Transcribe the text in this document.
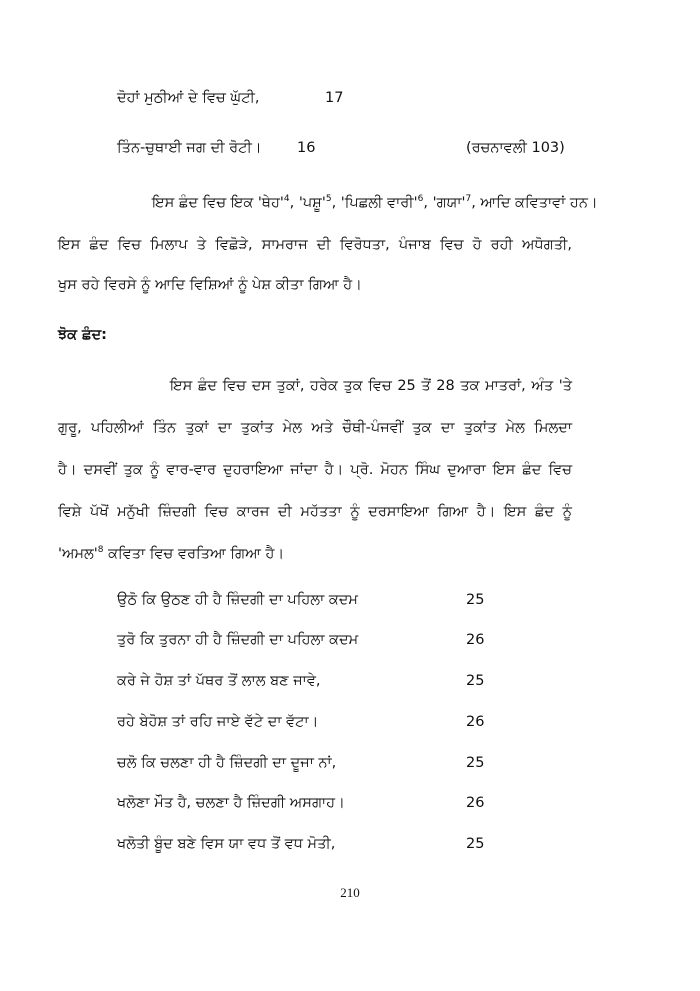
ਦੋਹਾਂ ਮੁਠੀਆਂ ਦੇ ਵਿਚ ਘੁੱਟੀ,	17
ਤਿੰਨ-ਚੁਥਾਈ ਜਗ ਦੀ ਰੋਟੀ। 16	(ਰਚਨਾਵਲੀ 103)
ਇਸ ਛੰਦ ਵਿਚ ਇਕ '$ਥੇਹ'^4$, '$ਪਸ਼ੂ'^5$, 'ਪਿਛਲੀ $ਵਾਰੀ'^6$, '$ਗਯਾ'^7$, ਆਦਿ ਕਵਿਤਾਵਾਂ ਹਨ।
ਇਸ ਛੰਦ ਵਿਚ ਮਿਲਾਪ ਤੇ ਵਿਛੋੜੇ, ਸਾਮਰਾਜ ਦੀ ਵਿਰੋਧਤਾ, ਪੰਜਾਬ ਵਿਚ ਹੋ ਰਹੀ ਅਧੋਗਤੀ,
ਖੁਸ ਰਹੇ ਵਿਰਸੇ ਨੂੰ ਆਦਿ ਵਿਸ਼ਿਆਂ ਨੂੰ ਪੇਸ਼ ਕੀਤਾ ਗਿਆ ਹੈ।
ਝੋਕ ਛੰਦ:
ਇਸ ਛੰਦ ਵਿਚ ਦਸ ਤੁਕਾਂ, ਹਰੇਕ ਤੁਕ ਵਿਚ 25 ਤੋਂ 28 ਤਕ ਮਾਤਰਾਂ, ਅੰਤ 'ਤੇ
ਗੁਰੂ, ਪਹਿਲੀਆਂ ਤਿੰਨ ਤੁਕਾਂ ਦਾ ਤੁਕਾਂਤ ਮੇਲ ਅਤੇ ਚੌਥੀ-ਪੰਜਵੀਂ ਤੁਕ ਦਾ ਤੁਕਾਂਤ ਮੇਲ ਮਿਲਦਾ
ਹੈ। ਦਸਵੀਂ ਤੁਕ ਨੂੰ ਵਾਰ-ਵਾਰ ਦੁਹਰਾਇਆ ਜਾਂਦਾ ਹੈ। ਪ੍ਰੋ. ਮੋਹਨ ਸਿੰਘ ਦੁਆਰਾ ਇਸ ਛੰਦ ਵਿਚ
ਵਿਸ਼ੇ ਪੱਖੋਂ ਮਨੁੱਖੀ ਜ਼ਿੰਦਗੀ ਵਿਚ ਕਾਰਜ ਦੀ ਮਹੱਤਤਾ ਨੂੰ ਦਰਸਾਇਆ ਗਿਆ ਹੈ। ਇਸ ਛੰਦ ਨੂੰ
'$ਅਮਲ'^8$ ਕਵਿਤਾ ਵਿਚ ਵਰਤਿਆ ਗਿਆ ਹੈ।
ਉਠੋ ਕਿ ਉਠਣ ਹੀ ਹੈ ਜ਼ਿੰਦਗੀ ਦਾ ਪਹਿਲਾ ਕਦਮ	25
ਤੁਰੋ ਕਿ ਤੁਰਨਾ ਹੀ ਹੈ ਜ਼ਿੰਦਗੀ ਦਾ ਪਹਿਲਾ ਕਦਮ	26
ਕਰੇ ਜੇ ਹੋਸ਼ ਤਾਂ ਪੱਥਰ ਤੋਂ ਲਾਲ ਬਣ ਜਾਵੇ,	25
ਰਹੇ ਬੇਹੋਸ਼ ਤਾਂ ਰਹਿ ਜਾਏ ਵੱਟੇ ਦਾ ਵੱਟਾ।	26
ਚਲੋ ਕਿ ਚਲਣਾ ਹੀ ਹੈ ਜ਼ਿੰਦਗੀ ਦਾ ਦੂਜਾ ਨਾਂ,	25
ਖਲੋਣਾ ਮੌਤ ਹੈ, ਚਲਣਾ ਹੈ ਜ਼ਿੰਦਗੀ ਅਸਗਾਹ।	26
ਖਲੋਤੀ ਬੂੰਦ ਬਣੇ ਵਿਸ ਯਾ ਵਧ ਤੋਂ ਵਧ ਮੋਤੀ,	25
210
